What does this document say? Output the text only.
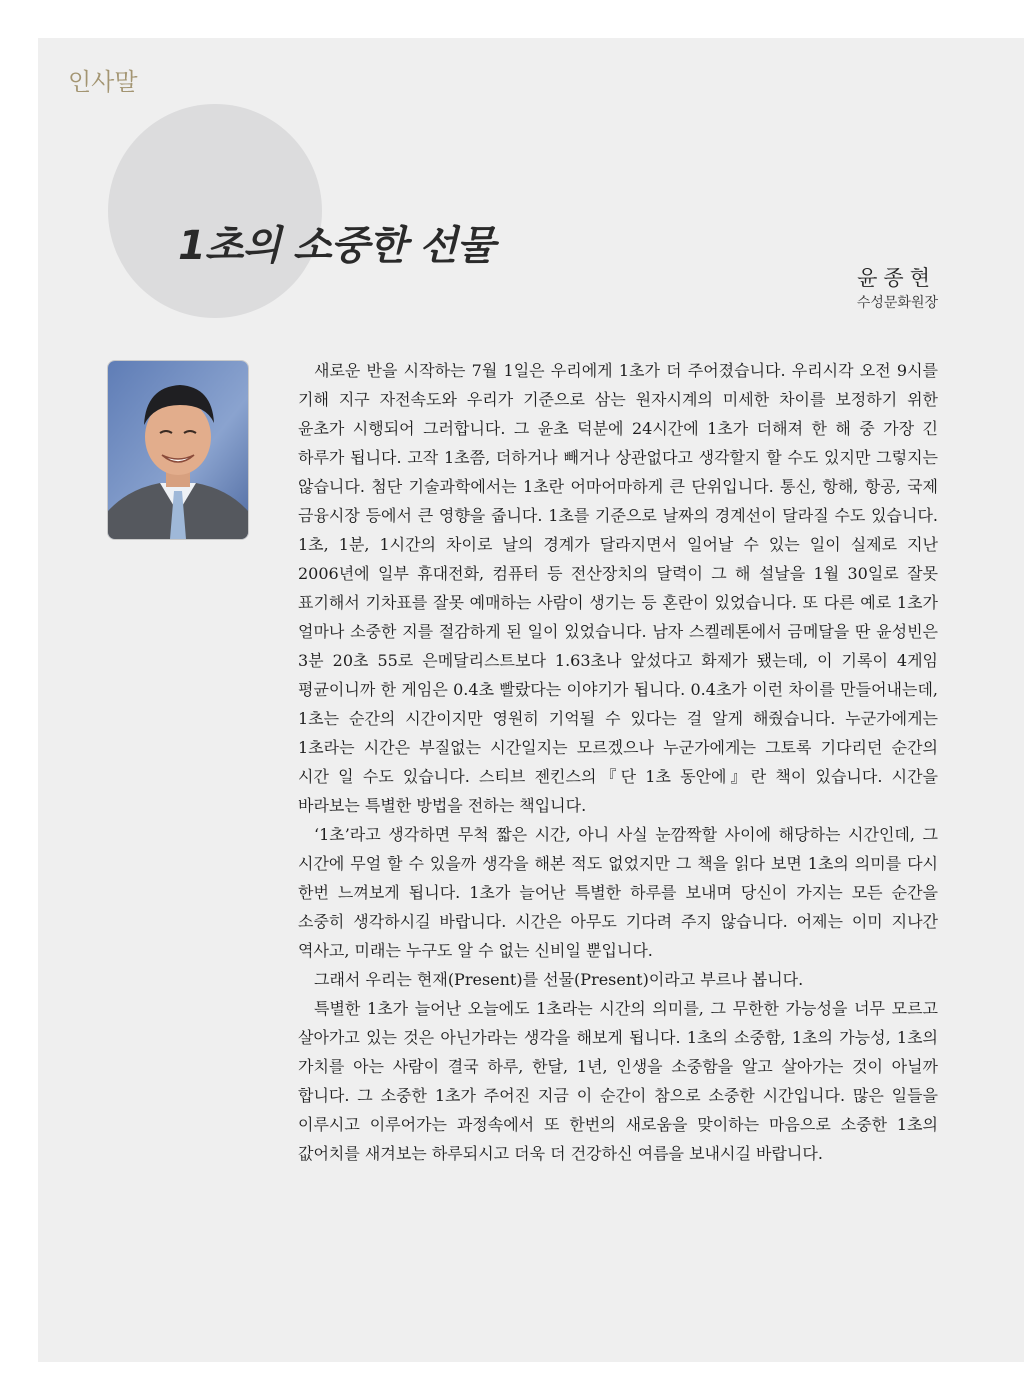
인사말
1초의 소중한 선물
윤종현
수성문화원장

새로운 반을 시작하는 7월 1일은 우리에게 1초가 더 주어졌습니다. 우리시각 오전 9시를 기해 지구 자전속도와 우리가 기준으로 삼는 원자시계의 미세한 차이를 보정하기 위한 윤초가 시행되어 그러합니다. 그 윤초 덕분에 24시간에 1초가 더해져 한 해 중 가장 긴 하루가 됩니다. 고작 1초쯤, 더하거나 빼거나 상관없다고 생각할지 할 수도 있지만 그렇지는 않습니다. 첨단 기술과학에서는 1초란 어마어마하게 큰 단위입니다. 통신, 항해, 항공, 국제 금융시장 등에서 큰 영향을 줍니다. 1초를 기준으로 날짜의 경계선이 달라질 수도 있습니다. 1초, 1분, 1시간의 차이로 날의 경계가 달라지면서 일어날 수 있는 일이 실제로 지난 2006년에 일부 휴대전화, 컴퓨터 등 전산장치의 달력이 그 해 설날을 1월 30일로 잘못 표기해서 기차표를 잘못 예매하는 사람이 생기는 등 혼란이 있었습니다. 또 다른 예로 1초가 얼마나 소중한 지를 절감하게 된 일이 있었습니다. 남자 스켈레톤에서 금메달을 딴 윤성빈은 3분 20초 55로 은메달리스트보다 1.63초나 앞섰다고 화제가 됐는데, 이 기록이 4게임 평균이니까 한 게임은 0.4초 빨랐다는 이야기가 됩니다. 0.4초가 이런 차이를 만들어내는데, 1초는 순간의 시간이지만 영원히 기억될 수 있다는 걸 알게 해줬습니다. 누군가에게는 1초라는 시간은 부질없는 시간일지는 모르겠으나 누군가에게는 그토록 기다리던 순간의 시간 일 수도 있습니다. 스티브 젠킨스의『단 1초 동안에』란 책이 있습니다. 시간을 바라보는 특별한 방법을 전하는 책입니다.

‘1초’라고 생각하면 무척 짧은 시간, 아니 사실 눈깜짝할 사이에 해당하는 시간인데, 그 시간에 무얼 할 수 있을까 생각을 해본 적도 없었지만 그 책을 읽다 보면 1초의 의미를 다시 한번 느껴보게 됩니다. 1초가 늘어난 특별한 하루를 보내며 당신이 가지는 모든 순간을 소중히 생각하시길 바랍니다. 시간은 아무도 기다려 주지 않습니다. 어제는 이미 지나간 역사고, 미래는 누구도 알 수 없는 신비일 뿐입니다.

그래서 우리는 현재(Present)를 선물(Present)이라고 부르나 봅니다.

특별한 1초가 늘어난 오늘에도 1초라는 시간의 의미를, 그 무한한 가능성을 너무 모르고 살아가고 있는 것은 아닌가라는 생각을 해보게 됩니다. 1초의 소중함, 1초의 가능성, 1초의 가치를 아는 사람이 결국 하루, 한달, 1년, 인생을 소중함을 알고 살아가는 것이 아닐까 합니다. 그 소중한 1초가 주어진 지금 이 순간이 참으로 소중한 시간입니다. 많은 일들을 이루시고 이루어가는 과정속에서 또 한번의 새로움을 맞이하는 마음으로 소중한 1초의 값어치를 새겨보는 하루되시고 더욱 더 건강하신 여름을 보내시길 바랍니다.
